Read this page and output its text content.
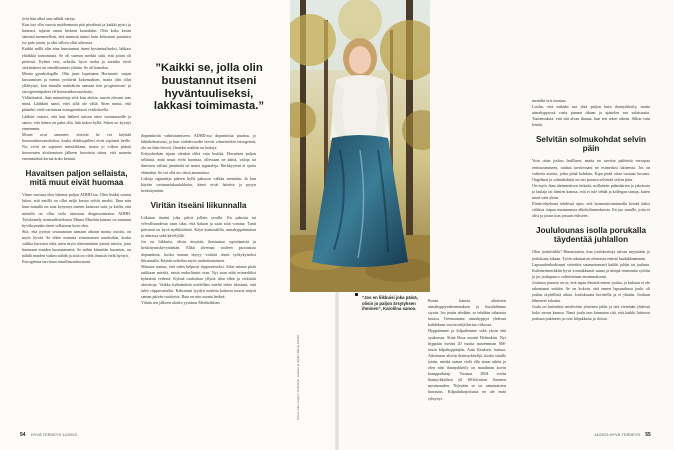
öviä hän alkoi taas nähdä väreja.

Kun itse olin vuosia myöhemmin pää pöydässä ja kaikki pyöri ja huimasi, tajusin oman herkeni kontaktiin. Olin koko kesän sanonut menneelleni, että minusta tuntui kuin kehostani puuttuisi iso pala jotain, ja olin silloin ollut oikeassa.

Kaikki millä olin aina buustannut itseni hyväntuuliseksi, lakkasi yhtäkkiä toimimasta. Se oli varmin merkki siitä, että jotain oli pielessä. Kylmä vesi, urheilu, hyvä ruoka ja aurinko eivät virkistäneet tai ennallistaneet yhtään. Se oli kamalaa.

Menin gynekologille. Olin juuri lopettanut Hormonit: sarjan kuvaamisen ja menin yrittävää kokemuksen, mutta olin ollut yllättynyt, kun minulle määrättiin samaan tien progesteroni- ja estrogeenitipaleet eli hormonikorvaushoito.

Välittömästi, ihan minuutteja siitä kun aloitin, tunsin olevani taas minä. Läähkäri sanoi, ettei sillä ole väliä. Siten tuntui, että pitänikö vielä varmistaa estrogeenitasot verikokeella.

Lääkäri vastasi, että kun lääkeet naisen tulee vastaanotolle ja sanoo, että hänen on paha olla, hän uskoo kyllä. Siiten on kyynyt ennemmin.

Monet ovat sanoneet, etteivät he voi käyttää hormonikorvaushoitoa, koska ehkäisypilleri eivät sopineet heille. No, eivät ne sopineet minullekaan, mutta jo viikon päästä hormonien aloittamisen jälkeen havaitsin sitten, että naurein ensimmäistä kertaa koko kesänä.

Havaitsen paljon sellaista, mitä muut eivät huomaa

Viime vuosina olen lukenut paljon ADHD:sta. Olen lisäksi saanut lukea, että meillä on ollut neljä kertaa selvät merkit. Ihan niin kuin minulla on aina kysymys menen kanavaa sain, ja kielin, että minulla on ollut viela tutustaas diagnosoimaton ADHD. Työskentely mentaalitiedostaa Minna Marsbin kanssa on auttanut hyväksymään itseni sellaisena kuin olen.

Sitä, että pystyn seuraamaan samaan aikaan monia asioita, on myös hyvää. Se tekee minusta erinomaisen auroksikin, koska valkka kurssien tekä, näen myös äärimmäisen pieniä asioita, joita huomaan muiden huomaamatta. Se mihin kiinnitän huomion, on nähdä muiden vaikea nähdä ja siitä on vielä ihmistä vielä hyötyä.

Estrogeenia tarvitaan ennellisuushormoni

dopamiiniin valmistamiseen. ADHD:ssa dopamiinia puuttuu jo lähtökohtaisesti, ja kun vaihdevuodet vievät viimeisetkin estrogeenit, olo on ihan hirveä. Onneksi mäihin on hoitoja.

Erityisherkän sijaan olenkin ehkä vain herkkä. Havaitsen paljon sellaista, mitä muut eivät huomaa, ollessaan ne ääniä, valoja tai ihmisten välistä jännitettä tai muita signaaleja. Herkkyyteni ei ajoita elämääni. Se voi olla ero tässä ammatissa.

Liikoja signaaleja pääsen kyllä paksoon valkka mensään. Ja kun käytän vastamelukuulokkeita, äänet eivät häiritse ja pysyn keskittymään.

Viritän itseäni liikunnalla

Liikutan itseäni joka päivä jollain tavalla. En pakosta tai velvollisuudesta vaan siksi, että haluan ja saan siitä vointaa. Tunti päivässä on hyvä nyrkkisääntö. Käyn kuntosalilla, uimahyppäämässä ja ulmassa sekä kävelyillä.

Jos en liikkuisi, olisin ärsyttää, ihastuntaa rypistämistä ja keskittymiskyvyttämän. Ehkä alvennat tooleen psoriasista dopamiinia, koska minun täytyy virittää itseni työkykyiseksi liikunnalla. Käytän urheilua myös rauhoittumiseen.

Minusta tuntuu, että tulen helposti riippuvaiseksi. Siksi minun pitää tarkkaan miettiä, mistä endorfiinini otan. Nyt saan niitä erimerkiksi kylmästä vedestä. Kylmä rauhoittaa yllyttä tilaa eläin ja virkistää alavirtoja. Vaikka kylmäsäistä mielelläni mieltä tekee tilassani, että tulee riippuvaiseksi. Kehostani tyydyn tunteita kattavia monia mäyrä saman päivän osoitteita. Rata on niin monta hetkeä.

Vähän sen jälkeen aloitin yystänut Merikukkien

”Kaikki se, jolla olin buustannut itseni hyväntuuliseksi, lakkasi toimimasta.”
Kuvat: Juha Jouppi / Collection. Hiukset ja meikki: Minna Nissilä
”Jos en liikkuisi joka päivä, olisin jo paljon ärsytyksen ihminen”, Karoliina sanoo.

Rosan kanssa aikuisten uimahyppyvalmennuksen ja hurahdimme siyoin. Jos jotain tehdään, se tehdään tuhatasta lasissa. Treenaamme uimahyppyä yhdessä kahdeksan vuotta neljä kertaa viikossa.

Hyppäämme ja kilpailemme sekä yksin että synkrossa. Siinä Rosa muutti Helsinkiin. Nyt hyppään itseäni 20 vuotta nuoremman SM-tason kilpahyppääjän, Aatu Kesäsen, kanssa. Aikoinaan aloitin thaimyrkkelijä, koska sinulle jotain, minkä saatan vielä olla sinun tahtia ja olen niin thainyrkkeily on maailman kovin kamppailulaji. Vuonna 2004 voitin thainyrkkelissä yli 60-kiloisten Suomen mestaruuden. Nykyään se on satunnaisten harrastus. Kilpailuharjoitusta en ole enää ryhtynyt.

menälin orit osumaa.

Luulin, että mikään saa yhtä paljon kuin thainyrkkeily, mutta uimahyppyssä vasta pannut tikaan ja ajattelen sen salaisuutta. Tuntemuksia, että sitä alvan thanaa, kun sen tekee oikein. Sillon vain lentää.

Selvitän solmukohdat selvin päin

Voin ottaa joskus lasillisen, mutta en tarvitse päihteitä versopaa rentoutumiseen, rauhaa tarvitessani ne esimerkisi laitteesta. Jos on vaikeita asioita, jotka pitää kohdata, Kipu pitää ottaa vastaan kovana. Ongelmat ja solmukohdat on siis parasta selvittää selvin päin.

On myös ihan äärimmäisen tärkeää, millaisten päämäärien ja jakotusta ja laulaja tai tiimien kanssa, että ei tule tehdä ja kollegan sanoja, kuten minä vain yksin.

Elinte-ohjelmaa tehdessä opin, että hormonitoiminnalla kestää kaksi viikkoa toipua muutamasta alkoholiannoksesta. En juo muulle, jotta ei olisi ja jotain kun jossain erikseen.

Joululounas isolla porukalla täydentää juhlallon

Olen joulufriikki! Rinnastaisin, kun joulukortteja tulvan myymään jo joulukuun aikaan. Työtä rakastaisin olemassa entistä laadukkaammin.

Lapsuudenkodissani vietettiin saumattomasti kaikki juhlat tai jouluna. Kalenterimerkkiin hyvä voimakkaasti sauna ja niinpä enemmän syötiin ja jos joulupuuro valmistetaan ensimmäisenä.

Joulussa parasta on se, että tapaa ihmisiä ennen joulua, ja kukaan ei ole rakentanut mitään. Se on kokotu, että ennen lapsuudessa joulu oli joulun täydellistä aikaa. Joulukuusta koristella ja ei yhtään. Jouluun lähteneet taloutta.

Joulu on kuitenkin mielestäni yhteinen juhla ja sitä vietetään yhdessä koko suvun kanssa. Tämä joulu taas kannatan sitä, että kaikki laittavat jouluun pukineen ja ovat lahjakkaita ja iloisia.

54 HYVÄ TERVEYS 14/2023	14/2023 HYVÄ TERVEYS 55
